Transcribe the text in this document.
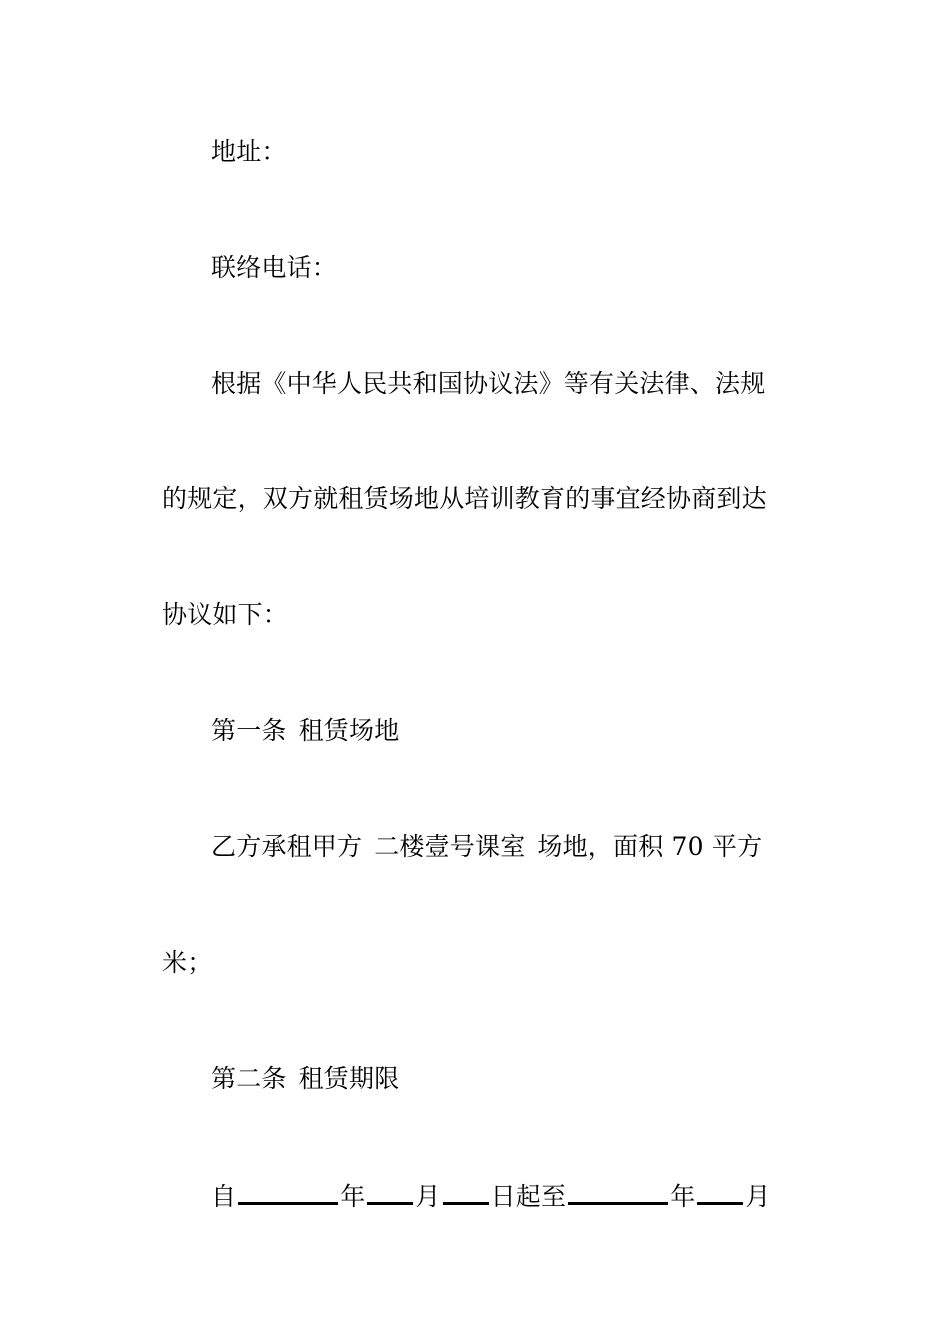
地址：
联络电话：
根据《中华人民共和国协议法》等有关法律、法规
的规定，双方就租赁场地从培训教育的事宜经协商到达
协议如下：
第一条 租赁场地
乙方承租甲方 二楼壹号课室 场地，面积 70 平方
米；
第二条 租赁期限
自	年 月 日起至	年 月
